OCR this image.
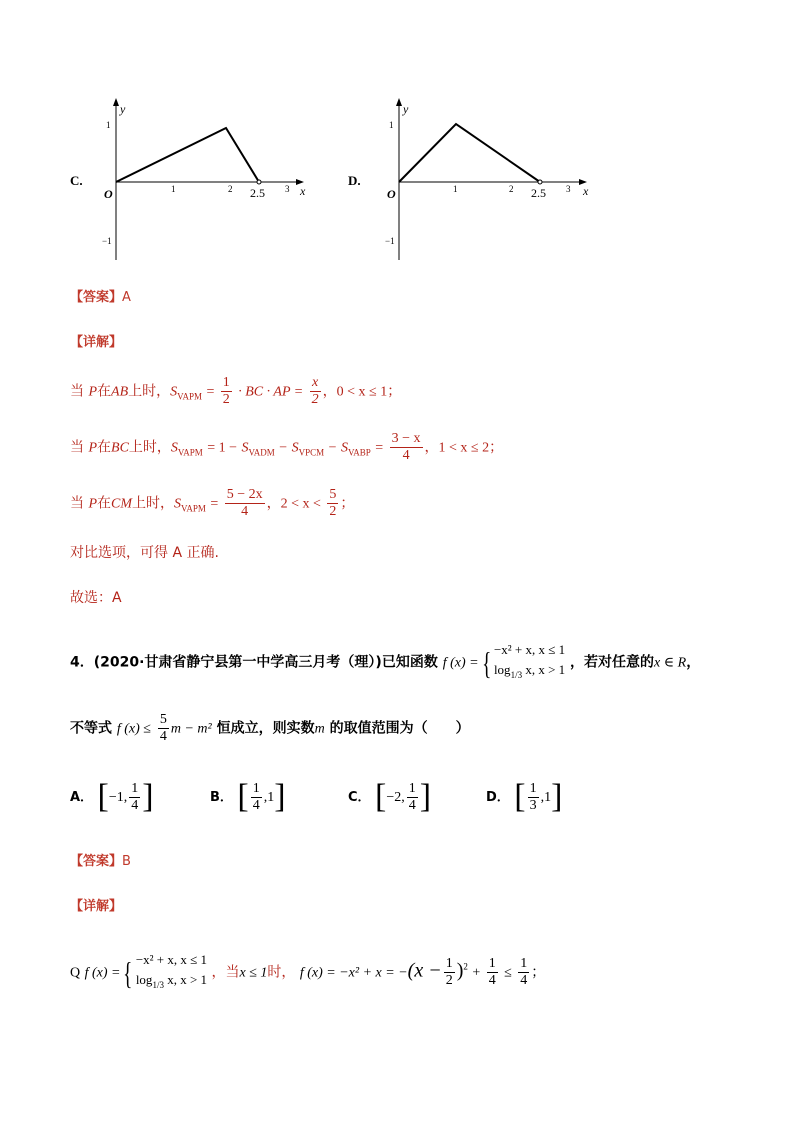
C.
y
x
O
1
−1
1	2	3
2.5
D.
y
x
O
1
−1
1	2	3
2.5
【答案】A
【详解】
当 P在AB上时，$S_{VAPM} = \frac{1}{2}$ · BC · AP = $\frac{x}{2}$ ，0 < x ≤ 1；
当 P在BC上时，$S_{VAPM} = 1 - S_{VADM} - S_{VPCM} - S_{VABP} = \frac{3 - x}{4}$ ，1 < x ≤ 2；
当 P在CM上时，$S_{VAPM} = \frac{5 - 2x}{4}$ ，$2 < x < \frac{5}{2}$ ；
对比选项，可得 A 正确.
故选：A
4．(2020·甘肃省静宁县第一中学高三月考（理）)已知函数 f (x) ={ −x² + x, x ≤ 1
$\log_{1/3} x$, x > 1 ，若对任意的x ∈ R，
不等式 f $(x) \le \frac{5}{4}$ m − m² 恒成立，则实数m 的取值范围为（　　）
A． [−1, $\frac{1}{4}$ ]	B． [ $\frac{1}{4} ,1$]	C． [−2, $\frac{1}{4}$ ]	D． [ $\frac{1}{3} ,1$]
【答案】B
【详解】
Q f (x) ={ −x² + x, x ≤ 1
$\log_{1/3} x$, x > 1 ，当x ≤ 1时， f $(x) = -x^2 + x = -(x - \frac{1}{2} )^2 + \frac{1}{4} \le \frac{1}{4}$ ；
